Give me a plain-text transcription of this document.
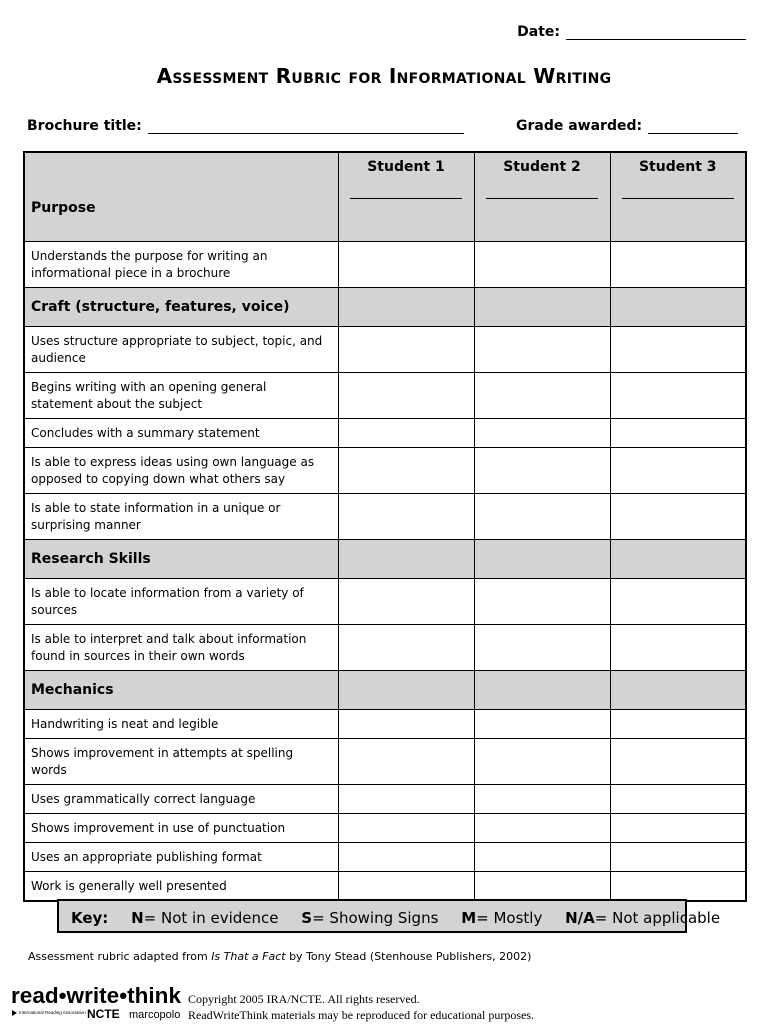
Date:
Assessment Rubric for Informational Writing
Brochure title:	Grade awarded:
Purpose	Student 1	Student 2	Student 3

Understands the purpose for writing an informational piece in a brochure			
Craft (structure, features, voice)			
Uses structure appropriate to subject, topic, and audience			
Begins writing with an opening general statement about the subject			
Concludes with a summary statement			
Is able to express ideas using own language as opposed to copying down what others say			
Is able to state information in a unique or surprising manner			
Research Skills			
Is able to locate information from a variety of sources			
Is able to interpret and talk about information found in sources in their own words			
Mechanics			
Handwriting is neat and legible			
Shows improvement in attempts at spelling words			
Uses grammatically correct language			
Shows improvement in use of punctuation			
Uses an appropriate publishing format			
Work is generally well presented			
Key: N= Not in evidence S= Showing Signs M= Mostly N/A= Not applicable
Assessment rubric adapted from Is That a Fact by Tony Stead (Stenhouse Publishers, 2002)
read•write•think
International Reading Association NCTE marcopolo
Copyright 2005 IRA/NCTE. All rights reserved.
ReadWriteThink materials may be reproduced for educational purposes.
